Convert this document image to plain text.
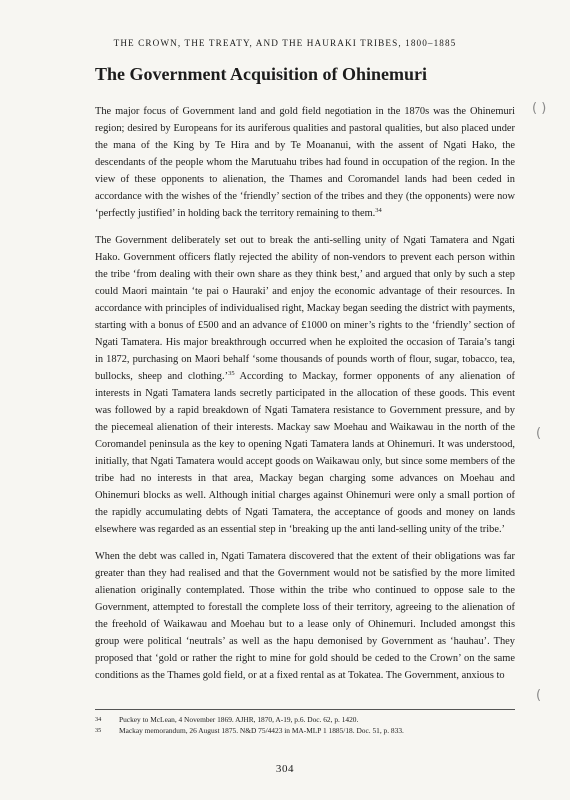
THE CROWN, THE TREATY, AND THE HAURAKI TRIBES, 1800–1885
The Government Acquisition of Ohinemuri

The major focus of Government land and gold field negotiation in the 1870s was the Ohinemuri region; desired by Europeans for its auriferous qualities and pastoral qualities, but also placed under the mana of the King by Te Hira and by Te Moananui, with the assent of Ngati Hako, the descendants of the people whom the Marutuahu tribes had found in occupation of the region. In the view of these opponents to alienation, the Thames and Coromandel lands had been ceded in accordance with the wishes of the ‘friendly’ section of the tribes and they (the opponents) were now ‘perfectly justified’ in holding back the territory remaining to them.$^{34}$

The Government deliberately set out to break the anti-selling unity of Ngati Tamatera and Ngati Hako. Government officers flatly rejected the ability of non-vendors to prevent each person within the tribe ‘from dealing with their own share as they think best,’ and argued that only by such a step could Maori maintain ‘te pai o Hauraki’ and enjoy the economic advantage of their resources. In accordance with principles of individualised right, Mackay began seeding the district with payments, starting with a bonus of £500 and an advance of £1000 on miner’s rights to the ‘friendly’ section of Ngati Tamatera. His major breakthrough occurred when he exploited the occasion of Taraia’s tangi in 1872, purchasing on Maori behalf ‘some thousands of pounds worth of flour, sugar, tobacco, tea, bullocks, sheep and clothing.’$^{35}$ According to Mackay, former opponents of any alienation of interests in Ngati Tamatera lands secretly participated in the allocation of these goods. This event was followed by a rapid breakdown of Ngati Tamatera resistance to Government pressure, and by the piecemeal alienation of their interests. Mackay saw Moehau and Waikawau in the north of the Coromandel peninsula as the key to opening Ngati Tamatera lands at Ohinemuri. It was understood, initially, that Ngati Tamatera would accept goods on Waikawau only, but since some members of the tribe had no interests in that area, Mackay began charging some advances on Moehau and Ohinemuri blocks as well. Although initial charges against Ohinemuri were only a small portion of the rapidly accumulating debts of Ngati Tamatera, the acceptance of goods and money on lands elsewhere was regarded as an essential step in ‘breaking up the anti land-selling unity of the tribe.’

When the debt was called in, Ngati Tamatera discovered that the extent of their obligations was far greater than they had realised and that the Government would not be satisfied by the more limited alienation originally contemplated. Those within the tribe who continued to oppose sale to the Government, attempted to forestall the complete loss of their territory, agreeing to the alienation of the freehold of Waikawau and Moehau but to a lease only of Ohinemuri. Included amongst this group were political ‘neutrals’ as well as the hapu demonised by Government as ‘hauhau’. They proposed that ‘gold or rather the right to mine for gold should be ceded to the Crown’ on the same conditions as the Thames gold field, or at a fixed rental as at Tokatea. The Government, anxious to

( )
(
(
34	Puckey to McLean, 4 November 1869. AJHR, 1870, A-19, p.6. Doc. 62, p. 1420.
35	Mackay memorandum, 26 August 1875. N&D 75/4423 in MA-MLP 1 1885/18. Doc. 51, p. 833.
304
